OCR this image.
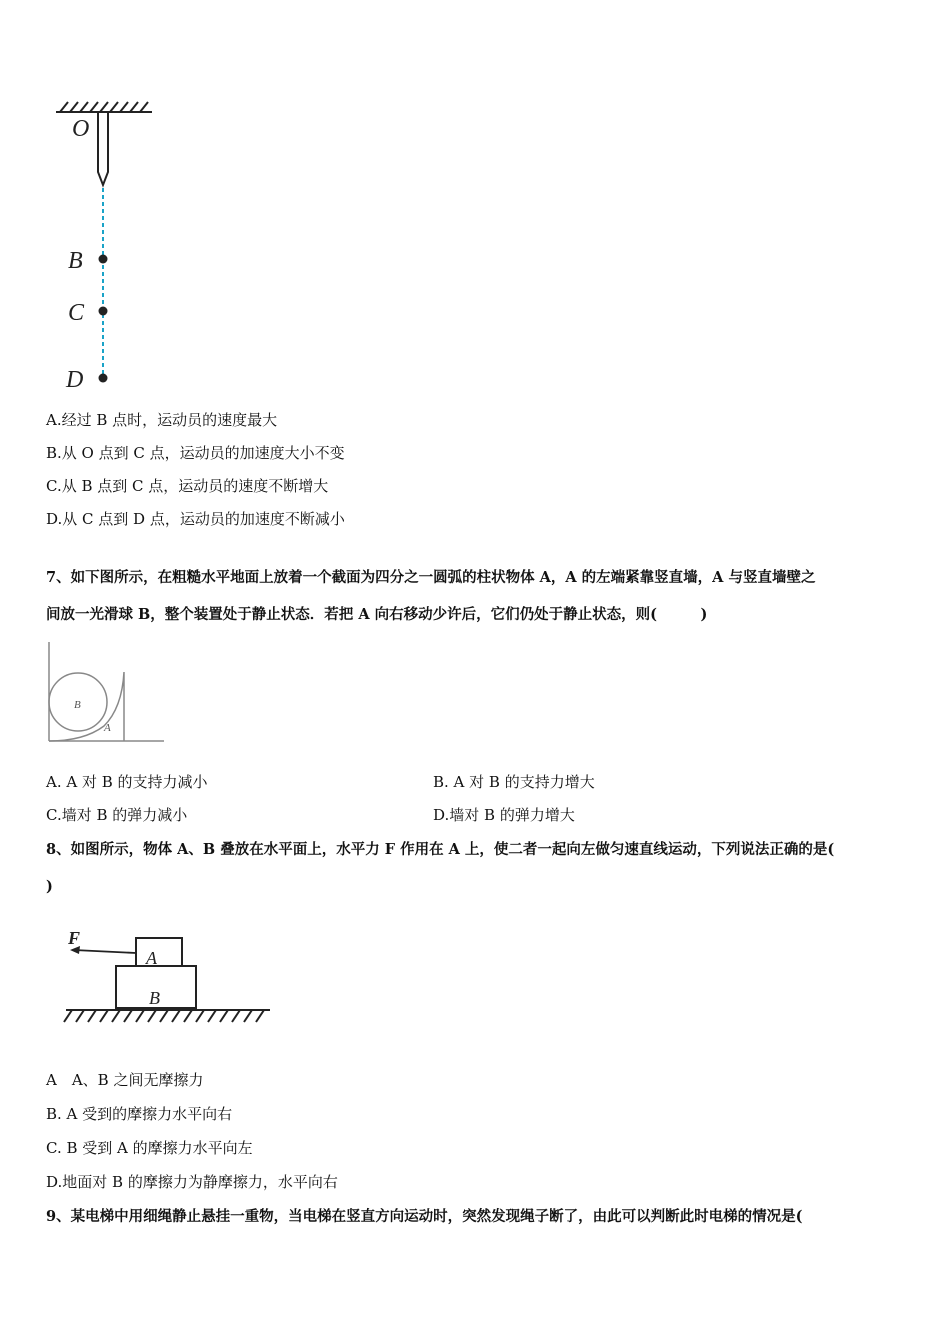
O
B
C
D
A.经过 B 点时，运动员的速度最大
B.从 O 点到 C 点，运动员的加速度大小不变
C.从 B 点到 C 点，运动员的速度不断增大
D.从 C 点到 D 点，运动员的加速度不断减小
7、如下图所示，在粗糙水平地面上放着一个截面为四分之一圆弧的柱状物体 A，A 的左端紧靠竖直墙，A 与竖直墙壁之
间放一光滑球 B，整个装置处于静止状态．若把 A 向右移动少许后，它们仍处于静止状态，则(　　　)
B
A
A. A 对 B 的支持力减小	B. A 对 B 的支持力增大
C.墙对 B 的弹力减小	D.墙对 B 的弹力增大
8、如图所示，物体 A、B 叠放在水平面上，水平力 F 作用在 A 上，使二者一起向左做匀速直线运动，下列说法正确的是(
)
F
A
B
A　A、B 之间无摩擦力
B. A 受到的摩擦力水平向右
C. B 受到 A 的摩擦力水平向左
D.地面对 B 的摩擦力为静摩擦力，水平向右
9、某电梯中用细绳静止悬挂一重物，当电梯在竖直方向运动时，突然发现绳子断了，由此可以判断此时电梯的情况是(
